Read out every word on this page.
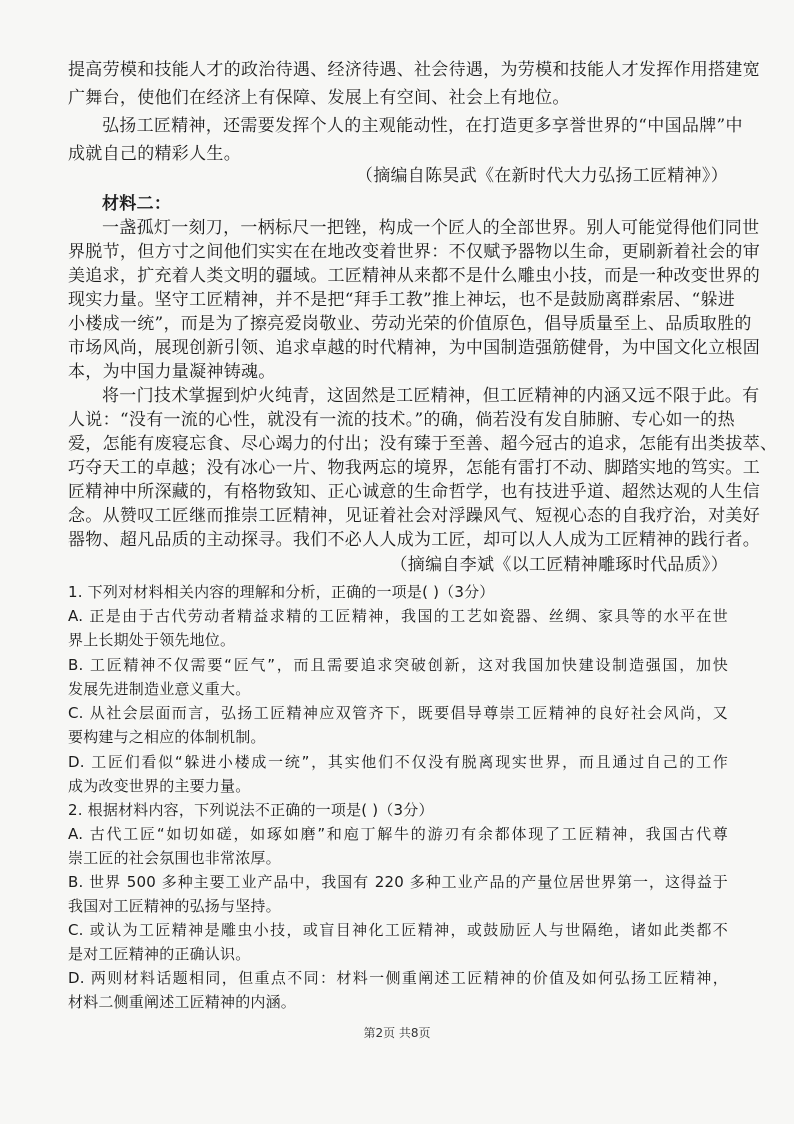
提高劳模和技能人才的政治待遇、经济待遇、社会待遇，为劳模和技能人才发挥作用搭建宽
广舞台，使他们在经济上有保障、发展上有空间、社会上有地位。
弘扬工匠精神，还需要发挥个人的主观能动性，在打造更多享誉世界的“中国品牌”中
成就自己的精彩人生。
（摘编自陈昊武《在新时代大力弘扬工匠精神》）
材料二：
一盏孤灯一刻刀，一柄标尺一把锉，构成一个匠人的全部世界。别人可能觉得他们同世
界脱节，但方寸之间他们实实在在地改变着世界：不仅赋予器物以生命，更刷新着社会的审
美追求，扩充着人类文明的疆域。工匠精神从来都不是什么雕虫小技，而是一种改变世界的
现实力量。坚守工匠精神，并不是把“拜手工教”推上神坛，也不是鼓励离群索居、“躲进
小楼成一统”，而是为了擦亮爱岗敬业、劳动光荣的价值原色，倡导质量至上、品质取胜的
市场风尚，展现创新引领、追求卓越的时代精神，为中国制造强筋健骨，为中国文化立根固
本，为中国力量凝神铸魂。
将一门技术掌握到炉火纯青，这固然是工匠精神，但工匠精神的内涵又远不限于此。有
人说：“没有一流的心性，就没有一流的技术。”的确，倘若没有发自肺腑、专心如一的热
爱，怎能有废寝忘食、尽心竭力的付出；没有臻于至善、超今冠古的追求，怎能有出类拔萃、
巧夺天工的卓越；没有冰心一片、物我两忘的境界，怎能有雷打不动、脚踏实地的笃实。工
匠精神中所深藏的，有格物致知、正心诚意的生命哲学，也有技进乎道、超然达观的人生信
念。从赞叹工匠继而推崇工匠精神，见证着社会对浮躁风气、短视心态的自我疗治，对美好
器物、超凡品质的主动探寻。我们不必人人成为工匠，却可以人人成为工匠精神的践行者。
（摘编自李斌《以工匠精神雕琢时代品质》）
1. 下列对材料相关内容的理解和分析，正确的一项是( )（3分）
A. 正是由于古代劳动者精益求精的工匠精神，我国的工艺如瓷器、丝绸、家具等的水平在世
界上长期处于领先地位。
B. 工匠精神不仅需要“匠气”，而且需要追求突破创新，这对我国加快建设制造强国，加快
发展先进制造业意义重大。
C. 从社会层面而言，弘扬工匠精神应双管齐下，既要倡导尊崇工匠精神的良好社会风尚，又
要构建与之相应的体制机制。
D. 工匠们看似“躲进小楼成一统”，其实他们不仅没有脱离现实世界，而且通过自己的工作
成为改变世界的主要力量。
2. 根据材料内容，下列说法不正确的一项是( )（3分）
A. 古代工匠“如切如磋，如琢如磨”和庖丁解牛的游刃有余都体现了工匠精神，我国古代尊
崇工匠的社会氛围也非常浓厚。
B. 世界 500 多种主要工业产品中，我国有 220 多种工业产品的产量位居世界第一，这得益于
我国对工匠精神的弘扬与坚持。
C. 或认为工匠精神是雕虫小技，或盲目神化工匠精神，或鼓励匠人与世隔绝，诸如此类都不
是对工匠精神的正确认识。
D. 两则材料话题相同，但重点不同：材料一侧重阐述工匠精神的价值及如何弘扬工匠精神，
材料二侧重阐述工匠精神的内涵。
第2页 共8页
